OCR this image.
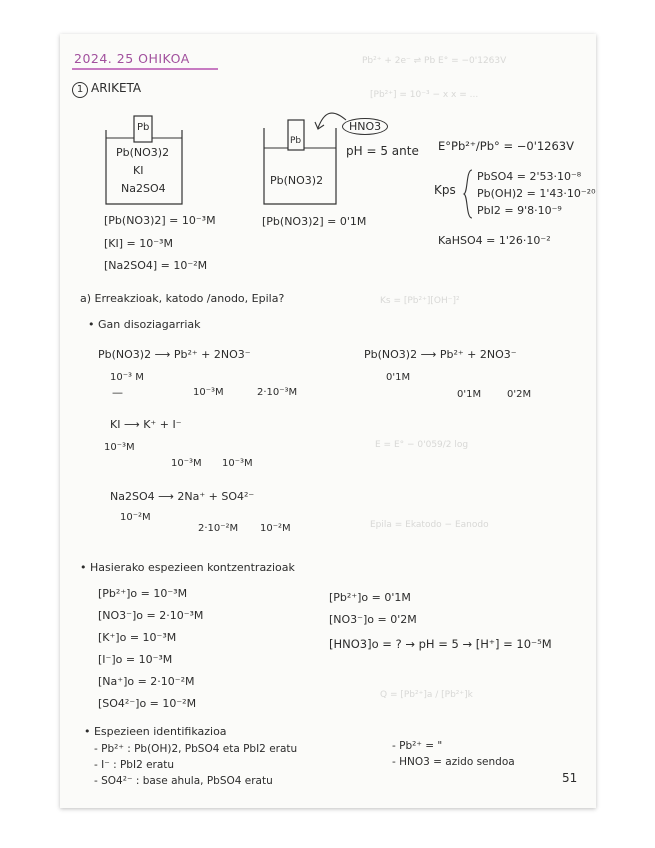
Pb²⁺ + 2e⁻ ⇌ Pb E° = −0'1263V
[Pb²⁺] = 10⁻³ − x x = ...
Ks = [Pb²⁺][OH⁻]²
E = E° − 0'059/2 log
Epila = Ekatodo − Eanodo
Q = [Pb²⁺]a / [Pb²⁺]k
2024. 25 OHIKOA
1 ARIKETA
Pb
Pb(NO3)2
KI
Na2SO4
Pb
Pb(NO3)2
HNO3
pH = 5 ante E°Pb²⁺/Pb° = −0'1263V
Kps
PbSO4 = 2'53·10⁻⁸
Pb(OH)2 = 1'43·10⁻²⁰
PbI2 = 9'8·10⁻⁹
KaHSO4 = 1'26·10⁻²
[Pb(NO3)2] = 10⁻³M
[KI] = 10⁻³M
[Na2SO4] = 10⁻²M
[Pb(NO3)2] = 0'1M
a) Erreakzioak, katodo /anodo, Epila?
• Gan disoziagarriak
Pb(NO3)2 ⟶ Pb²⁺ + 2NO3⁻
10⁻³ M
—	10⁻³M	2·10⁻³M
Pb(NO3)2 ⟶ Pb²⁺ + 2NO3⁻
0'1M
0'1M	0'2M
KI ⟶ K⁺ + I⁻
10⁻³M
10⁻³M 10⁻³M
Na2SO4 ⟶ 2Na⁺ + SO4²⁻
10⁻²M
2·10⁻²M 10⁻²M
• Hasierako espezieen kontzentrazioak
[Pb²⁺]o = 10⁻³M
[NO3⁻]o = 2·10⁻³M
[K⁺]o = 10⁻³M
[I⁻]o = 10⁻³M
[Na⁺]o = 2·10⁻²M
[SO4²⁻]o = 10⁻²M
[Pb²⁺]o = 0'1M
[NO3⁻]o = 0'2M
[HNO3]o = ? → pH = 5 → [H⁺] = 10⁻⁵M
• Espezieen identifikazioa
- Pb²⁺ : Pb(OH)2, PbSO4 eta PbI2 eratu
- I⁻ : PbI2 eratu
- SO4²⁻ : base ahula, PbSO4 eratu
- Pb²⁺ = "
- HNO3 = azido sendoa
51
